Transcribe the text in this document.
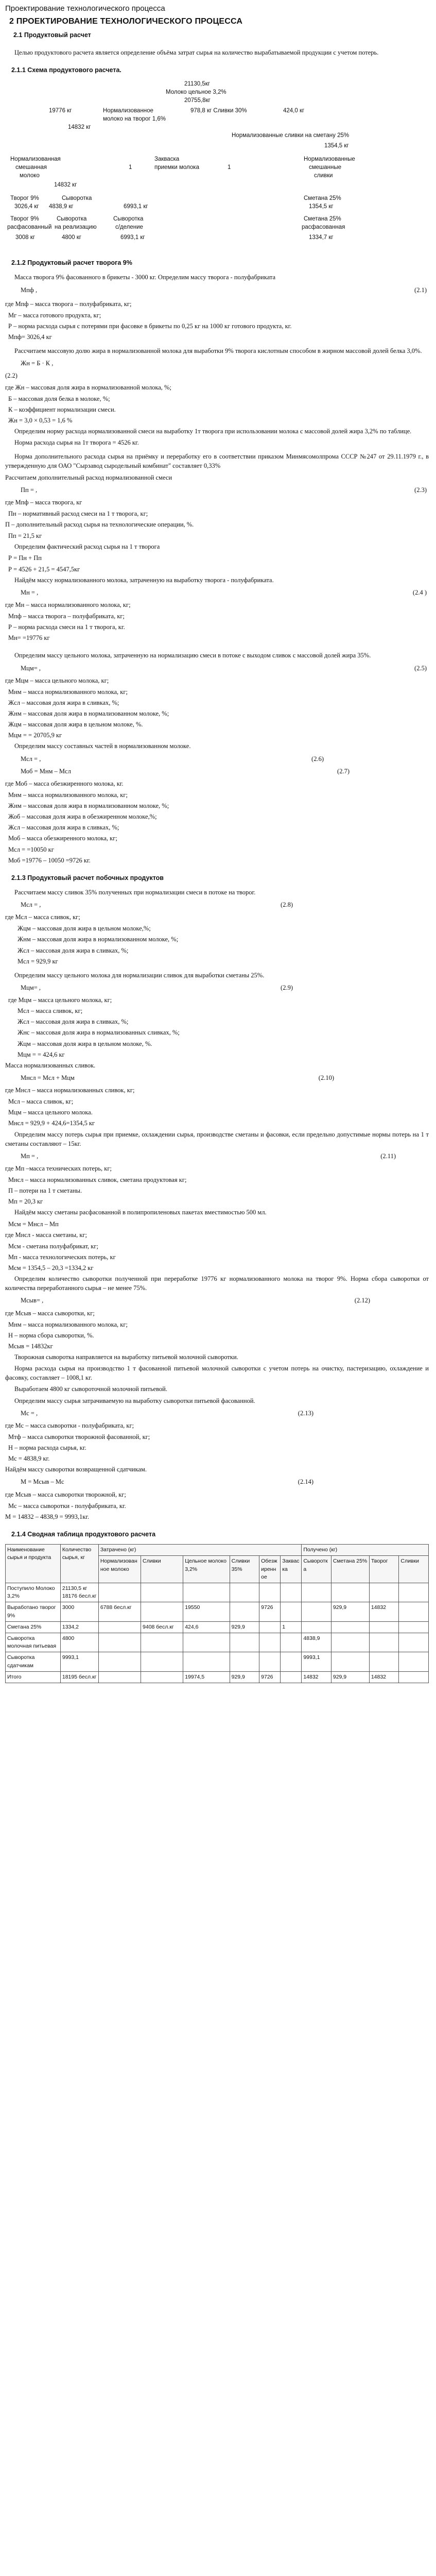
Проектирование технологического процесса
2 ПРОЕКТИРОВАНИЕ ТЕХНОЛОГИЧЕСКОГО ПРОЦЕССА
2.1 Продуктовый расчет

Целью продуктового расчета является определение объёма затрат сырья на количество вырабатываемой продукции с учетом потерь.

2.1.1 Схема продуктового расчета.
21130,5кг
Молоко цельное 3,2%
20755,8кг
19776 кг	Нормализованное	978,8 кг Сливки 30%	424,0 кг
молоко на творог 1,6%
14832 кг
Нормализованные сливки на сметану 25%
1354,5 кг
Нормализованная	Закваска	Нормализованные
смешанная	1	приемки молока	1	смешанные
молоко	сливки
14832 кг
Творог 9%	Сыворотка	Сметана 25%
3026,4 кг 4838,9 кг	6993,1 кг	1354,5 кг
Творог 9%	Сыворотка	Сыворотка	Сметана 25%
расфасованный на реализацию	с/деление	расфасованная
3008 кг	4800 кг	6993,1 кг	1334,7 кг
2.1.2 Продуктовый расчет творога 9%

Масса творога 9% фасованного в брикеты - 3000 кг. Определим массу творога - полуфабриката

Мпф ,	(2.1)

где Мпф – масса творога – полуфабриката, кг;

Мг – масса готового продукта, кг;

Р – норма расхода сырья с потерями при фасовке в брикеты по 0,25 кг на 1000 кг готового продукта, кг.

Мпф= 3026,4 кг

Рассчитаем массовую долю жира в нормализованной молока для выработки 9% творога кислотным способом в жирном массовой долей белка 3,0%.

Жн = Б · К ,

(2.2)

где Жн – массовая доля жира в нормализованной молока, %;

Б – массовая доля белка в молоке, %;

К – коэффициент нормализации смеси.

Жн = 3,0 × 0,53 = 1,6 %

Определим норму расхода нормализованной смеси на выработку 1т творога при использовании молока с массовой долей жира 3,2% по таблице.

Норма расхода сырья на 1т творога = 4526 кг.

Норма дополнительного расхода сырья на приёмку и переработку его в соответствии приказом Минмясомолпрома СССР №247 от 29.11.1979 г., в утвержденную для ОАО "Сырзавод сыродельный комбинат" составляет 0,33%

Рассчитаем дополнительный расход нормализованной смеси

Пп = ,	(2.3)

где Мпф – масса творога, кг

Пн – нормативный расход смеси на 1 т творога, кг;

П – дополнительный расход сырья на технологические операции, %.

Пп = 21,5 кг

Определим фактический расход сырья на 1 т творога

Р = Пн + Пп

Р = 4526 + 21,5 = 4547,5кг

Найдём массу нормализованного молока, затраченную на выработку творога - полуфабриката.

Мн = ,	(2.4 )

где Мн – масса нормализованного молока, кг;

Мпф – масса творога – полуфабриката, кг;

Р – норма расхода смеси на 1 т творога, кг.

Мн= =19776 кг

Определим массу цельного молока, затраченную на нормализацию смеси в потоке с выходом сливок с массовой долей жира 35%.

Мцм= ,	(2.5)

где Мцм – масса цельного молока, кг;

Мнм – масса нормализованного молока, кг;

Жсл – массовая доля жира в сливках, %;

Жнм – массовая доля жира в нормализованном молоке, %;

Жцм – массовая доля жира в цельном молоке, %.

Мцм = = 20705,9 кг

Определим массу составных частей в нормализованном молоке.

Мсл = ,	(2.6)
Моб = Мнм – Мсл	(2.7)

где Моб – масса обезжиренного молока, кг.

Мнм – масса нормализованного молока, кг;

Жнм – массовая доля жира в нормализованном молоке, %;

Жоб – массовая доля жира в обезжиренном молоке,%;

Жсл – массовая доля жира в сливках, %;

Моб – масса обезжиренного молока, кг;

Мсл = =10050 кг

Моб =19776 – 10050 =9726 кг.

2.1.3 Продуктовый расчет побочных продуктов

Рассчитаем массу сливок 35% полученных при нормализации смеси в потоке на творог.

Мсл = ,	(2.8)

где Мсл – масса сливок, кг;

Жцм – массовая доля жира в цельном молоке,%;

Жнм – массовая доля жира в нормализованном молоке, %;

Жсл – массовая доля жира в сливках, %;

Мсл = 929,9 кг

Определим массу цельного молока для нормализации сливок для выработки сметаны 25%.

Мцм= ,	(2.9)

где Мцм – масса цельного молока, кг;

Мсл – масса сливок, кг;

Жсл – массовая доля жира в сливках, %;

Жнс – массовая доля жира в нормализованных сливках, %;

Жцм – массовая доля жира в цельном молоке, %.

Мцм = = 424,6 кг

Масса нормализованных сливок.

Мнсл = Мсл + Мцм	(2.10)

где Мнсл – масса нормализованных сливок, кг;

Мсл – масса сливок, кг;

Мцм – масса цельного молока.

Мнсл = 929,9 + 424,6=1354,5 кг

Определим массу потерь сырья при приемке, охлаждении сырья, производстве сметаны и фасовки, если предельно допустимые нормы потерь на 1 т сметаны составляют – 15кг.

Мп = ,	(2.11)

где Мп –масса технических потерь, кг;

Мнсл – масса нормализованных сливок, сметана продуктовая кг;

П – потери на 1 т сметаны.

Мп = 20,3 кг

Найдём массу сметаны расфасованной в полипропиленовых пакетах вместимостью 500 мл.

Мсм = Мнсл – Мп

где Мнсл - масса сметаны, кг;

Мсм - сметана полуфабрикат, кг;

Мп - масса технологических потерь, кг

Мсм = 1354,5 – 20,3 =1334,2 кг

Определим количество сыворотки полученной при переработке 19776 кг нормализованного молока на творог 9%. Норма сбора сыворотки от количества переработанного сырья – не менее 75%.

Мсыв= ,	(2.12)

где Мсыв – масса сыворотки, кг;

Мнм – масса нормализованного молока, кг;

Н – норма сбора сыворотки, %.

Мсыв = 14832кг

Творожная сыворотка направляется на выработку питьевой молочной сыворотки.

Норма расхода сырья на производство 1 т фасованной питьевой молочной сыворотки с учетом потерь на очистку, пастеризацию, охлаждение и фасовку, составляет – 1008,1 кг.

Выработаем 4800 кг сывороточной молочной питьевой.

Определим массу сырья затрачиваемую на выработку сыворотки питьевой фасованной.

Мс = ,	(2.13)

где Мс – масса сыворотки - полуфабриката, кг;

Мтф – масса сыворотки творожной фасованной, кг;

Н – норма расхода сырья, кг.

Мс = 4838,9 кг.

Найдём массу сыворотки возвращенной сдатчикам.

М = Мсыв – Мс	(2.14)

где Мсыв – масса сыворотки творожной, кг;

Мс – масса сыворотки - полуфабриката, кг.

М = 14832 – 4838,9 = 9993,1кг.

2.1.4 Сводная таблица продуктового расчета
Наименование сырья и продукта	Количество сырья, кг	Затрачено (кг)						Получено (кг)			
		Нормализованное молоко	Сливки	Цельное молоко 3,2%	Сливки 35%	Обезжиренное	Закваска	Сыворотка	Сметана 25%	Творог	Сливки
Поступило Молоко 3,2%	21130,5 кг 18176 бесл.кг										
Выработано творог 9%	3000	6788 бесл.кг		19550		9726			929,9	14832	
Сметана 25%	1334,2		9408 бесл.кг	424,6	929,9		1				
Сыворотка молочная питьевая	4800							4838,9			
Сыворотка сдатчикам	9993,1							9993,1			
Итого	18195 бесл.кг			19974,5	929,9	9726		14832	929,9	14832	
